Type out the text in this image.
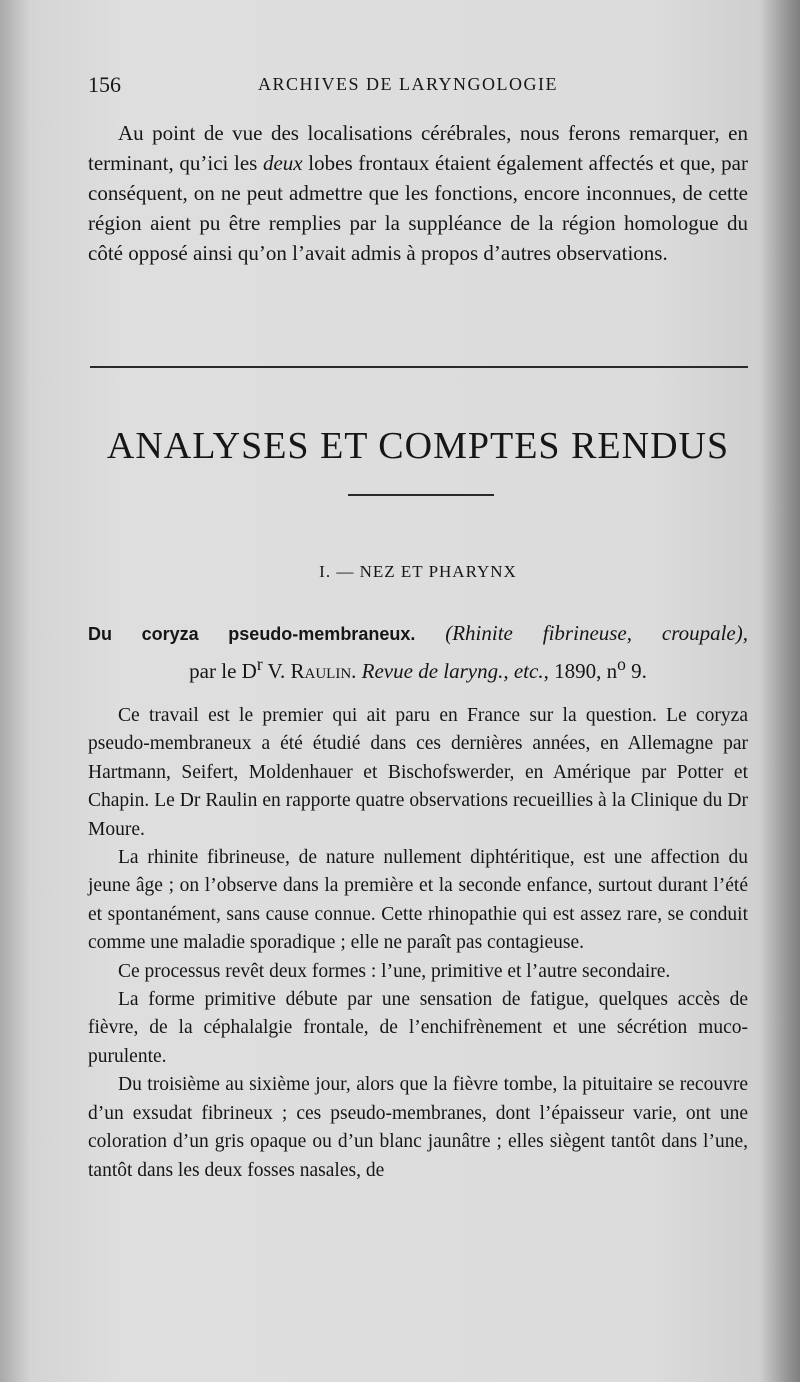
156	ARCHIVES DE LARYNGOLOGIE

Au point de vue des localisations cérébrales, nous ferons remarquer, en terminant, qu’ici les deux lobes frontaux étaient également affectés et que, par conséquent, on ne peut admettre que les fonctions, encore inconnues, de cette région aient pu être remplies par la suppléance de la région homologue du côté opposé ainsi qu’on l’avait admis à propos d’autres observations.

ANALYSES ET COMPTES RENDUS
I. — NEZ ET PHARYNX
Du coryza pseudo-membraneux. (Rhinite fibrineuse, croupale),
par le $D^r$ V. Raulin. Revue de laryng., etc., 1890, $n^o$ 9.

Ce travail est le premier qui ait paru en France sur la question. Le coryza pseudo-membraneux a été étudié dans ces dernières années, en Allemagne par Hartmann, Seifert, Moldenhauer et Bischofswerder, en Amérique par Potter et Chapin. Le Dr Raulin en rapporte quatre observations recueillies à la Clinique du Dr Moure.

La rhinite fibrineuse, de nature nullement diphtéritique, est une affection du jeune âge ; on l’observe dans la première et la seconde enfance, surtout durant l’été et spontanément, sans cause connue. Cette rhinopathie qui est assez rare, se conduit comme une maladie sporadique ; elle ne paraît pas contagieuse.

Ce processus revêt deux formes : l’une, primitive et l’autre secondaire.

La forme primitive débute par une sensation de fatigue, quelques accès de fièvre, de la céphalalgie frontale, de l’enchifrènement et une sécrétion muco-purulente.

Du troisième au sixième jour, alors que la fièvre tombe, la pituitaire se recouvre d’un exsudat fibrineux ; ces pseudo-membranes, dont l’épaisseur varie, ont une coloration d’un gris opaque ou d’un blanc jaunâtre ; elles siègent tantôt dans l’une, tantôt dans les deux fosses nasales, de
